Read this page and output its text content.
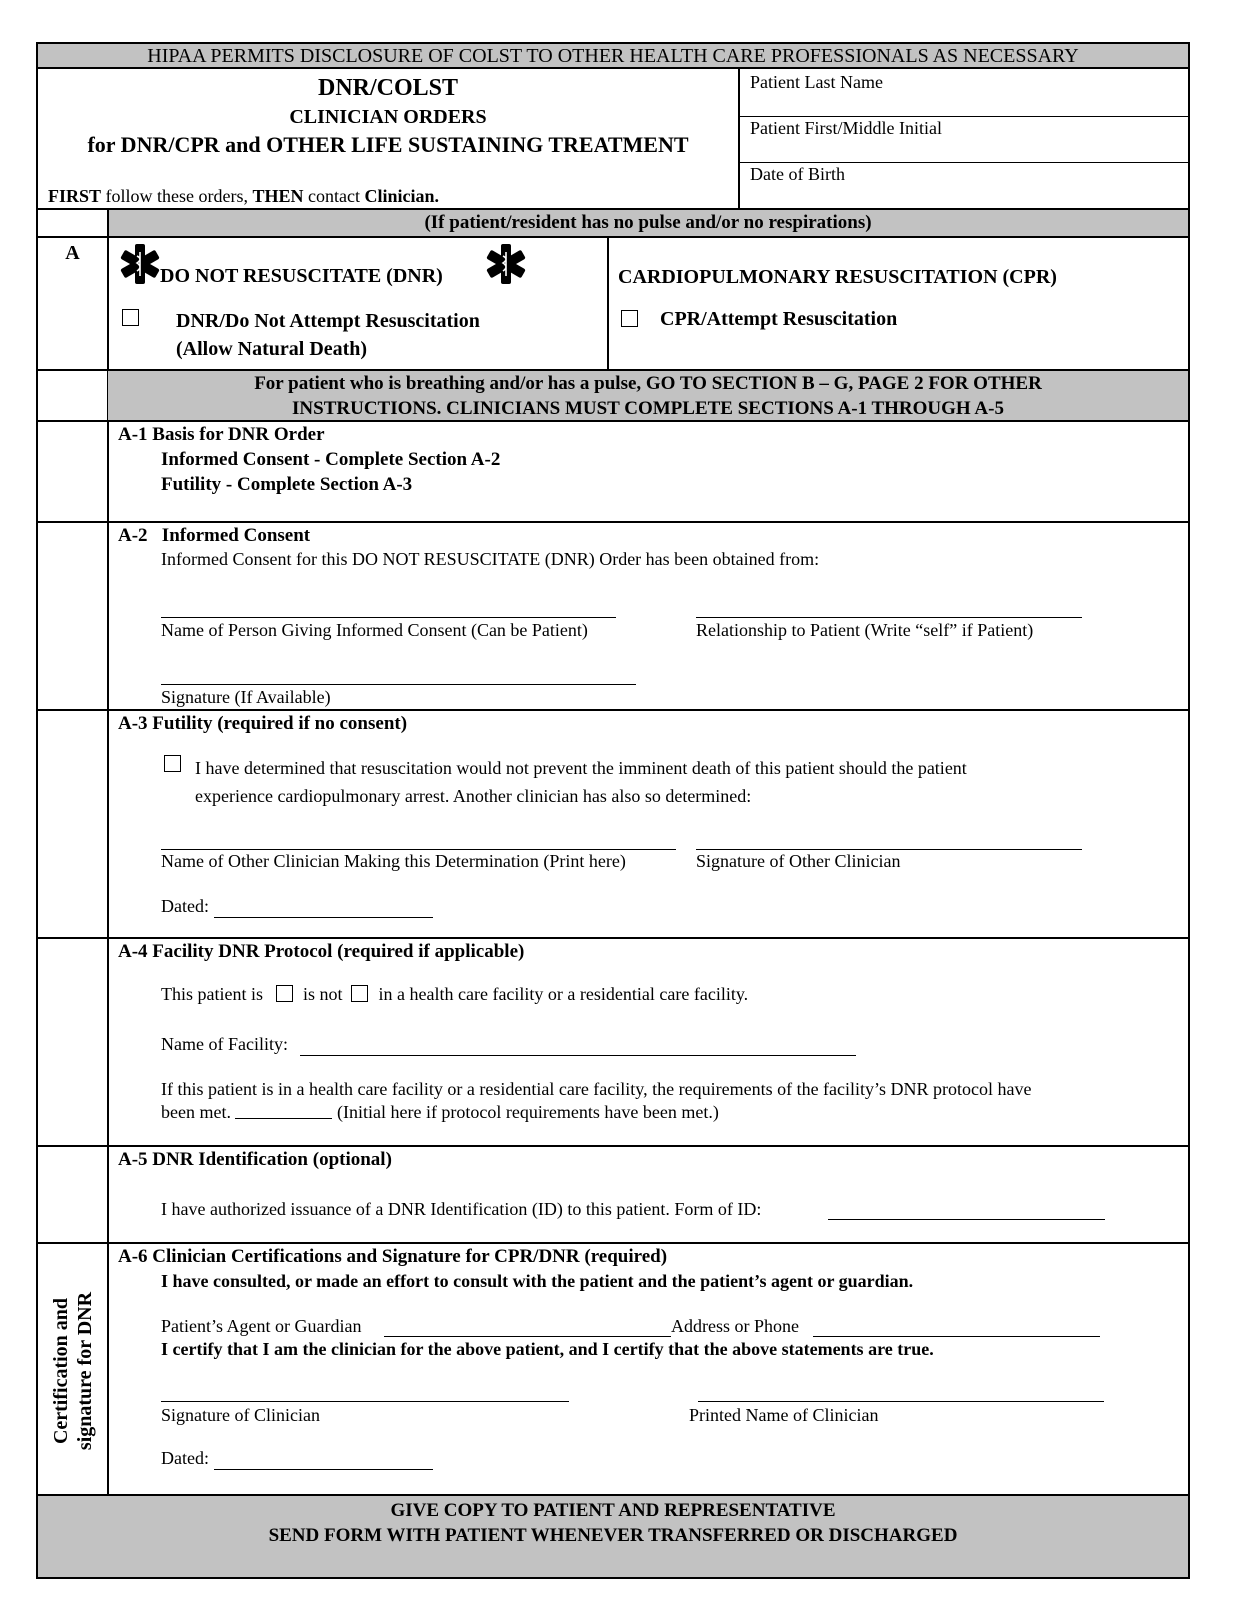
HIPAA PERMITS DISCLOSURE OF COLST TO OTHER HEALTH CARE PROFESSIONALS AS NECESSARY
DNR/COLST
CLINICIAN ORDERS
for DNR/CPR and OTHER LIFE SUSTAINING TREATMENT
FIRST follow these orders, THEN contact Clinician.
Patient Last Name
Patient First/Middle Initial
Date of Birth
(If patient/resident has no pulse and/or no respirations)
A
DO NOT RESUSCITATE (DNR)
DNR/Do Not Attempt Resuscitation
(Allow Natural Death)
CARDIOPULMONARY RESUSCITATION (CPR)
CPR/Attempt Resuscitation
For patient who is breathing and/or has a pulse, GO TO SECTION B – G, PAGE 2 FOR OTHER
INSTRUCTIONS. CLINICIANS MUST COMPLETE SECTIONS A-1 THROUGH A-5
A-1 Basis for DNR Order
Informed Consent - Complete Section A-2
Futility - Complete Section A-3
A-2   Informed Consent
Informed Consent for this DO NOT RESUSCITATE (DNR) Order has been obtained from:
Name of Person Giving Informed Consent (Can be Patient)	Relationship to Patient (Write “self” if Patient)
Signature (If Available)
A-3 Futility (required if no consent)
I have determined that resuscitation would not prevent the imminent death of this patient should the patient
experience cardiopulmonary arrest. Another clinician has also so determined:
Name of Other Clinician Making this Determination (Print here)	Signature of Other Clinician
Dated:
A-4 Facility DNR Protocol (required if applicable)
This patient is is not in a health care facility or a residential care facility.
Name of Facility:
If this patient is in a health care facility or a residential care facility, the requirements of the facility’s DNR protocol have
been met.	(Initial here if protocol requirements have been met.)
A-5 DNR Identification (optional)
I have authorized issuance of a DNR Identification (ID) to this patient. Form of ID:
Certification and signature for DNR
A-6 Clinician Certifications and Signature for CPR/DNR (required)
I have consulted, or made an effort to consult with the patient and the patient’s agent or guardian.
Patient’s Agent or Guardian	Address or Phone
I certify that I am the clinician for the above patient, and I certify that the above statements are true.
Signature of Clinician	Printed Name of Clinician
Dated:
GIVE COPY TO PATIENT AND REPRESENTATIVE
SEND FORM WITH PATIENT WHENEVER TRANSFERRED OR DISCHARGED
